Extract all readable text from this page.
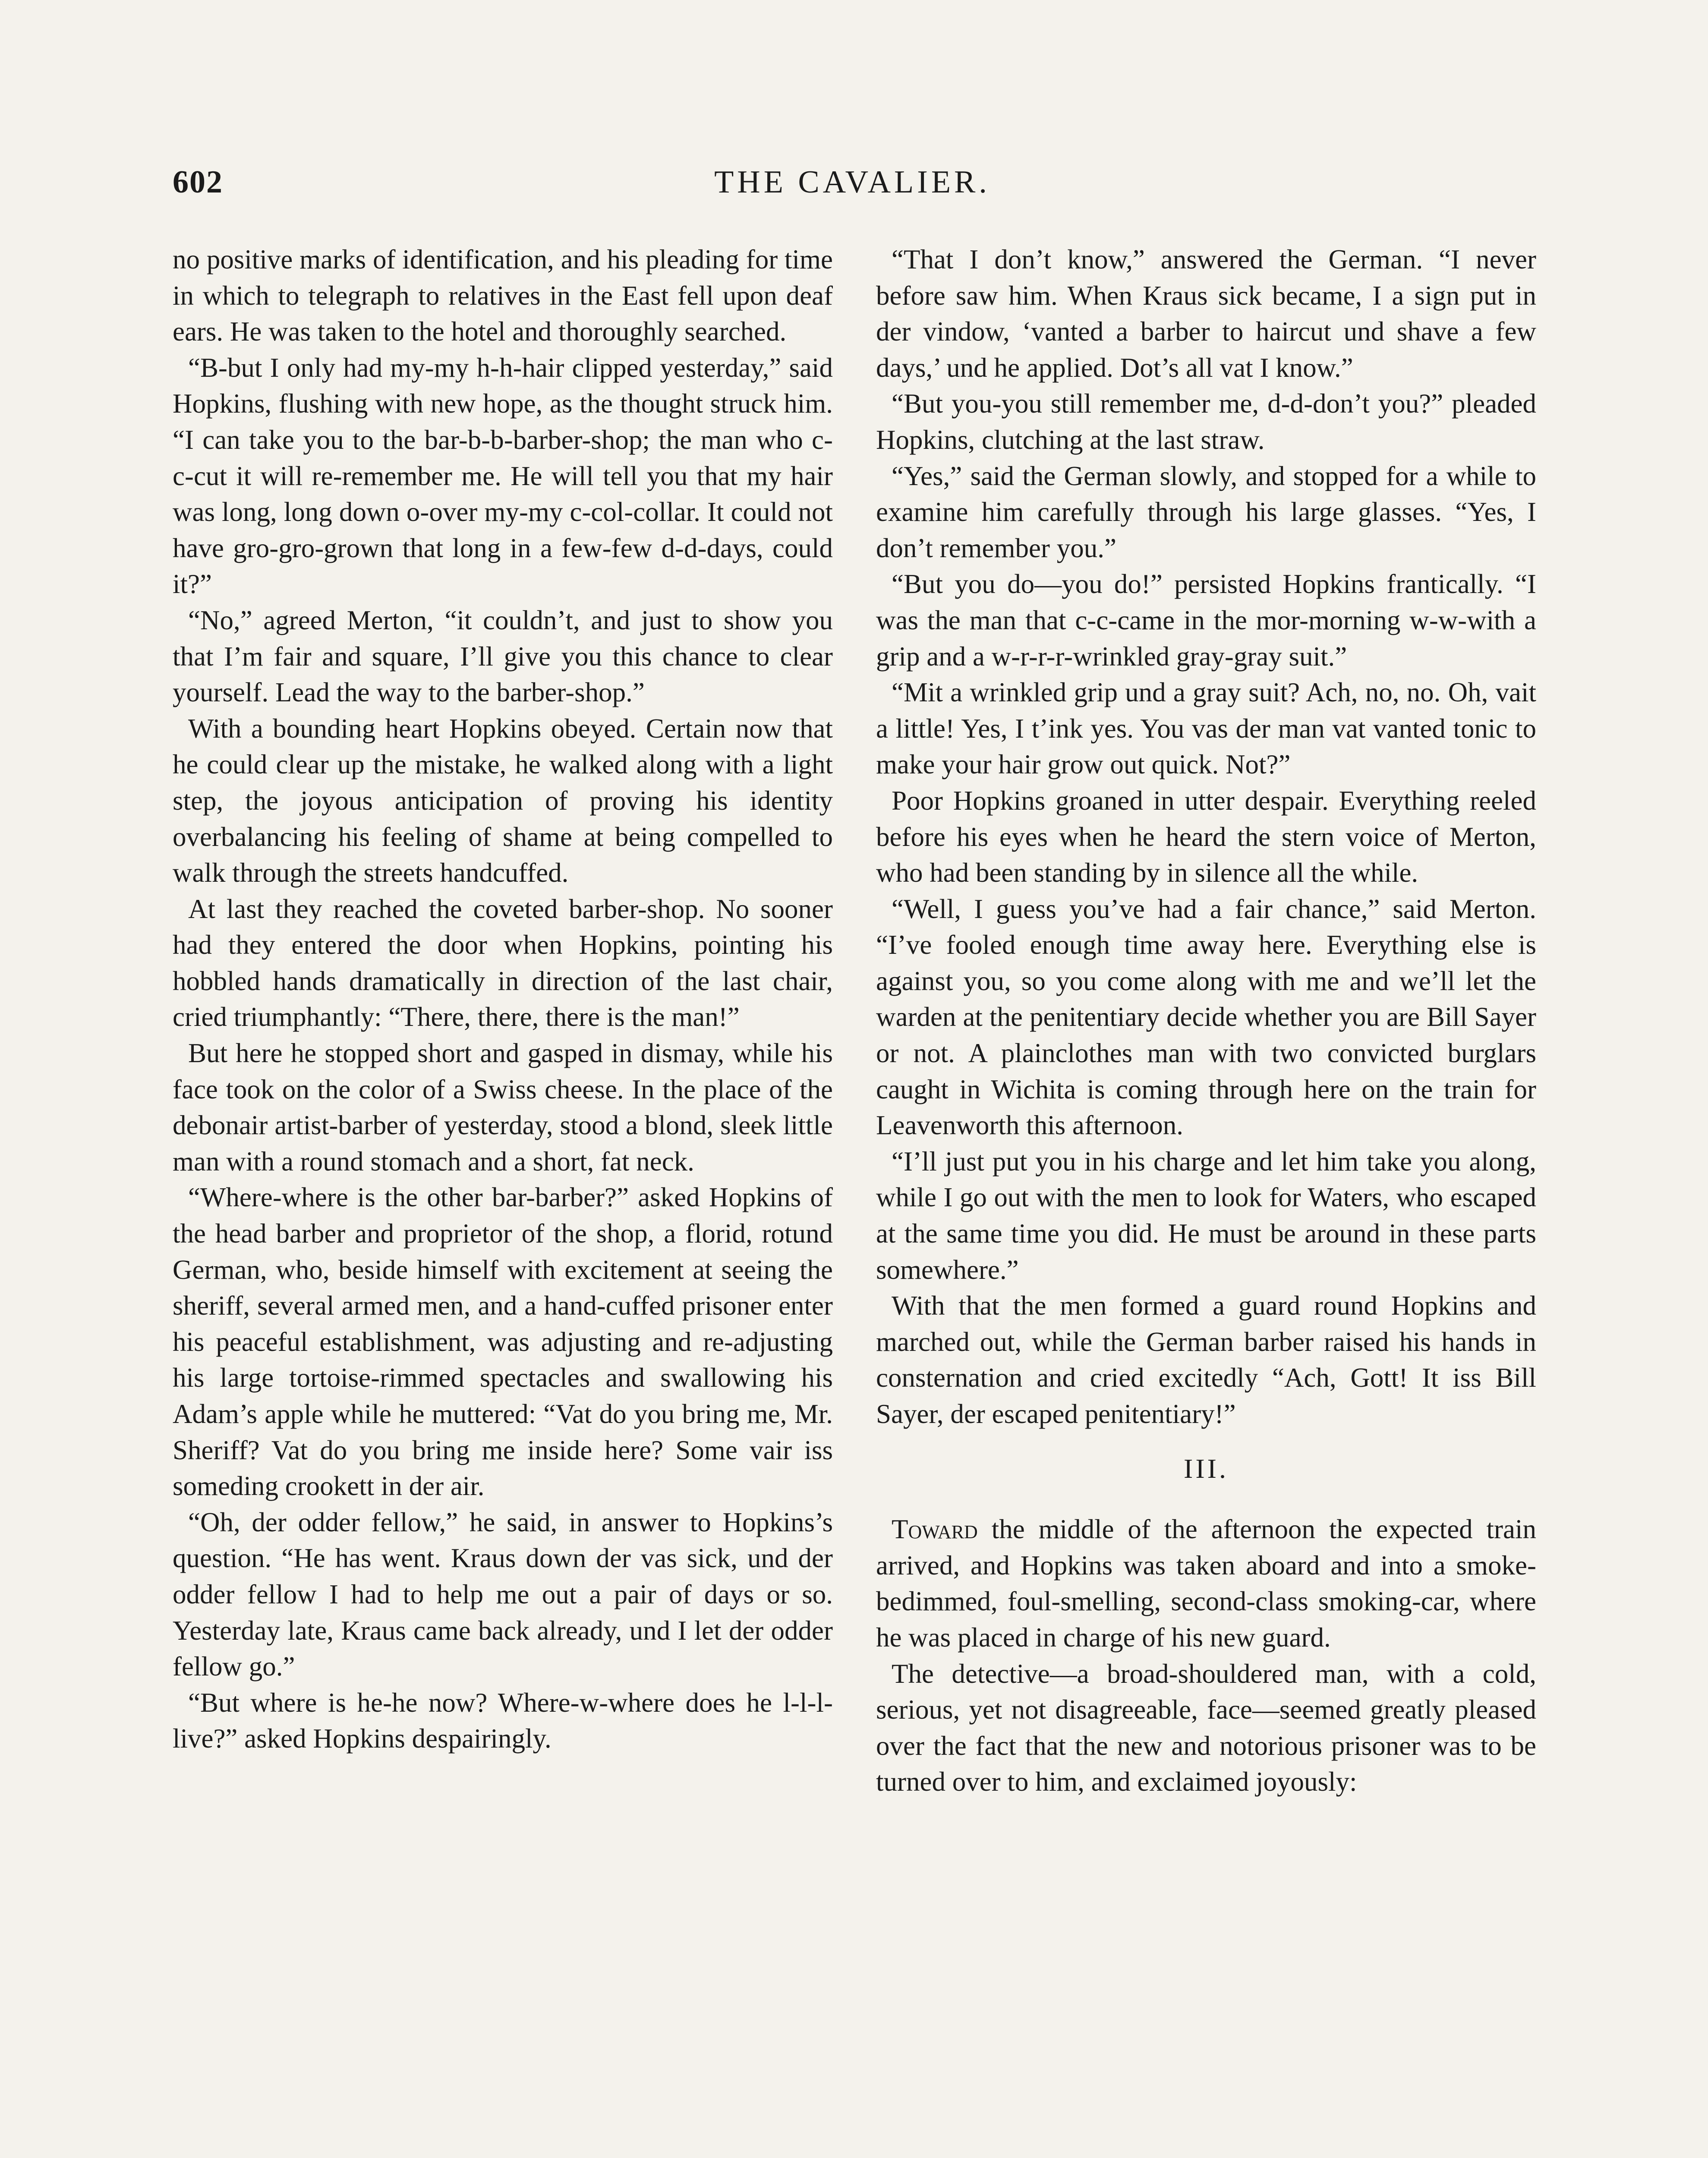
602	THE CAVALIER.

no positive marks of identification, and his pleading for time in which to telegraph to relatives in the East fell upon deaf ears. He was taken to the hotel and thoroughly searched.

“B-but I only had my-my h-h-hair clipped yesterday,” said Hopkins, flushing with new hope, as the thought struck him. “I can take you to the bar-b-b-barber-shop; the man who c-c-cut it will re-remember me. He will tell you that my hair was long, long down o-over my-my c-col-collar. It could not have gro-gro-grown that long in a few-few d-d-days, could it?”

“No,” agreed Merton, “it couldn’t, and just to show you that I’m fair and square, I’ll give you this chance to clear yourself. Lead the way to the barber-shop.”

With a bounding heart Hopkins obeyed. Certain now that he could clear up the mistake, he walked along with a light step, the joyous anticipation of proving his identity overbalancing his feeling of shame at being compelled to walk through the streets handcuffed.

At last they reached the coveted barber-shop. No sooner had they entered the door when Hopkins, pointing his hobbled hands dramatically in direction of the last chair, cried triumphantly: “There, there, there is the man!”

But here he stopped short and gasped in dismay, while his face took on the color of a Swiss cheese. In the place of the debonair artist-barber of yesterday, stood a blond, sleek little man with a round stomach and a short, fat neck.

“Where-where is the other bar-barber?” asked Hopkins of the head barber and proprietor of the shop, a florid, rotund German, who, beside himself with excitement at seeing the sheriff, several armed men, and a hand-cuffed prisoner enter his peaceful establishment, was adjusting and re-adjusting his large tortoise-rimmed spectacles and swallowing his Adam’s apple while he muttered: “Vat do you bring me, Mr. Sheriff? Vat do you bring me inside here? Some vair iss someding crookett in der air.

“Oh, der odder fellow,” he said, in answer to Hopkins’s question. “He has went. Kraus down der vas sick, und der odder fellow I had to help me out a pair of days or so. Yesterday late, Kraus came back already, und I let der odder fellow go.”

“But where is he-he now? Where-w-where does he l-l-l-live?” asked Hopkins despairingly.

“That I don’t know,” answered the German. “I never before saw him. When Kraus sick became, I a sign put in der vindow, ‘vanted a barber to haircut und shave a few days,’ und he applied. Dot’s all vat I know.”

“But you-you still remember me, d-d-don’t you?” pleaded Hopkins, clutching at the last straw.

“Yes,” said the German slowly, and stopped for a while to examine him carefully through his large glasses. “Yes, I don’t remember you.”

“But you do—you do!” persisted Hopkins frantically. “I was the man that c-c-came in the mor-morning w-w-with a grip and a w-r-r-r-wrinkled gray-gray suit.”

“Mit a wrinkled grip und a gray suit? Ach, no, no. Oh, vait a little! Yes, I t’ink yes. You vas der man vat vanted tonic to make your hair grow out quick. Not?”

Poor Hopkins groaned in utter despair. Everything reeled before his eyes when he heard the stern voice of Merton, who had been standing by in silence all the while.

“Well, I guess you’ve had a fair chance,” said Merton. “I’ve fooled enough time away here. Everything else is against you, so you come along with me and we’ll let the warden at the penitentiary decide whether you are Bill Sayer or not. A plainclothes man with two convicted burglars caught in Wichita is coming through here on the train for Leavenworth this afternoon.

“I’ll just put you in his charge and let him take you along, while I go out with the men to look for Waters, who escaped at the same time you did. He must be around in these parts somewhere.”

With that the men formed a guard round Hopkins and marched out, while the German barber raised his hands in consternation and cried excitedly “Ach, Gott! It iss Bill Sayer, der escaped penitentiary!”

III.

Toward the middle of the afternoon the expected train arrived, and Hopkins was taken aboard and into a smoke-bedimmed, foul-smelling, second-class smoking-car, where he was placed in charge of his new guard.

The detective—a broad-shouldered man, with a cold, serious, yet not disagreeable, face—seemed greatly pleased over the fact that the new and notorious prisoner was to be turned over to him, and exclaimed joyously:
